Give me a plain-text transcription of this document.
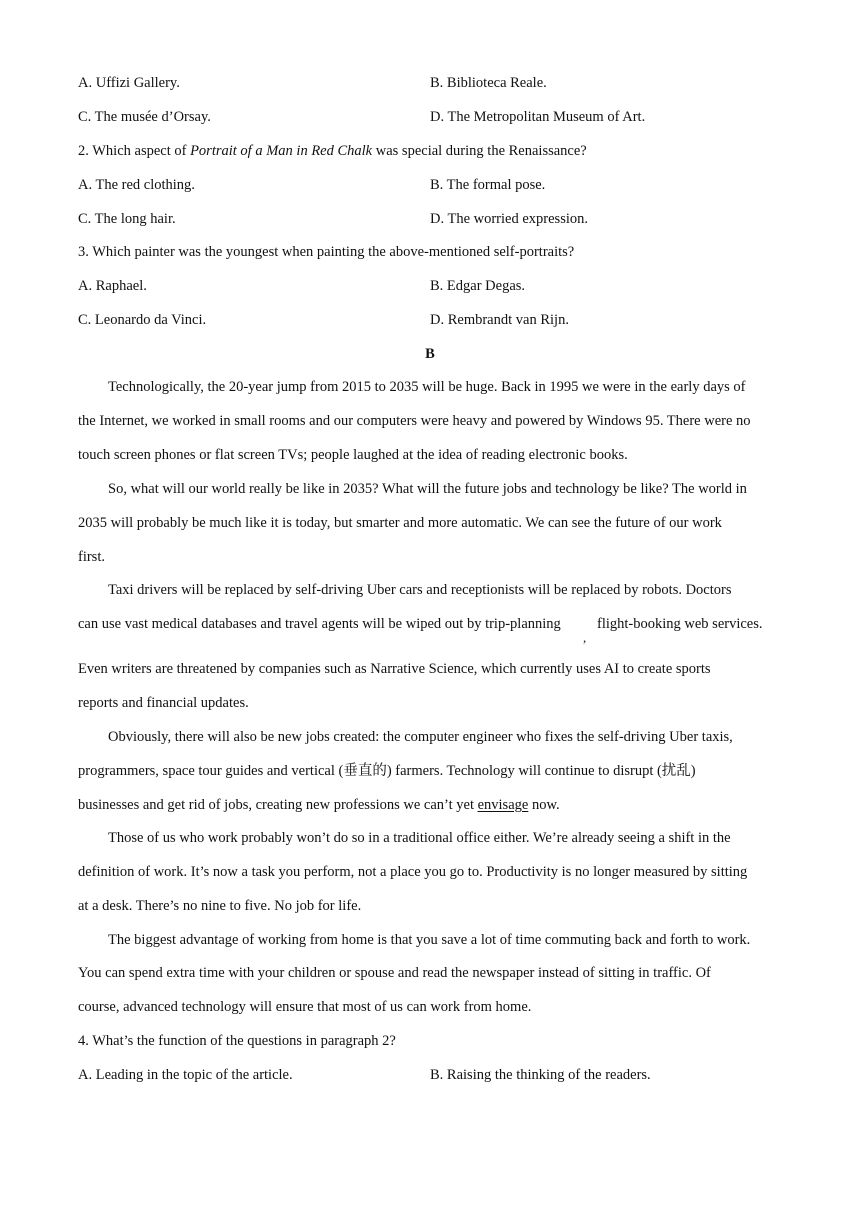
A. Uffizi Gallery.	B. Biblioteca Reale.
C. The musée d’Orsay.	D. The Metropolitan Museum of Art.
2. Which aspect of Portrait of a Man in Red Chalk was special during the Renaissance?
A. The red clothing.	B. The formal pose.
C. The long hair.	D. The worried expression.
3. Which painter was the youngest when painting the above-mentioned self-portraits?
A. Raphael.	B. Edgar Degas.
C. Leonardo da Vinci.	D. Rembrandt van Rijn.
B
Technologically, the 20-year jump from 2015 to 2035 will be huge. Back in 1995 we were in the early days of
the Internet, we worked in small rooms and our computers were heavy and powered by Windows 95. There were no
touch screen phones or flat screen TVs; people laughed at the idea of reading electronic books.
So, what will our world really be like in 2035? What will the future jobs and technology be like? The world in
2035 will probably be much like it is today, but smarter and more automatic. We can see the future of our work
first.
Taxi drivers will be replaced by self-driving Uber cars and receptionists will be replaced by robots. Doctors
can use vast medical databases and travel agents will be wiped out by trip-planning
,
flight-booking web services.
Even writers are threatened by companies such as Narrative Science, which currently uses AI to create sports
reports and financial updates.
Obviously, there will also be new jobs created: the computer engineer who fixes the self-driving Uber taxis,
programmers, space tour guides and vertical (垂直的) farmers. Technology will continue to disrupt (扰乱)
businesses and get rid of jobs, creating new professions we can’t yet envisage now.
Those of us who work probably won’t do so in a traditional office either. We’re already seeing a shift in the
definition of work. It’s now a task you perform, not a place you go to. Productivity is no longer measured by sitting
at a desk. There’s no nine to five. No job for life.
The biggest advantage of working from home is that you save a lot of time commuting back and forth to work.
You can spend extra time with your children or spouse and read the newspaper instead of sitting in traffic. Of
course, advanced technology will ensure that most of us can work from home.
4. What’s the function of the questions in paragraph 2?
A. Leading in the topic of the article.	B. Raising the thinking of the readers.
